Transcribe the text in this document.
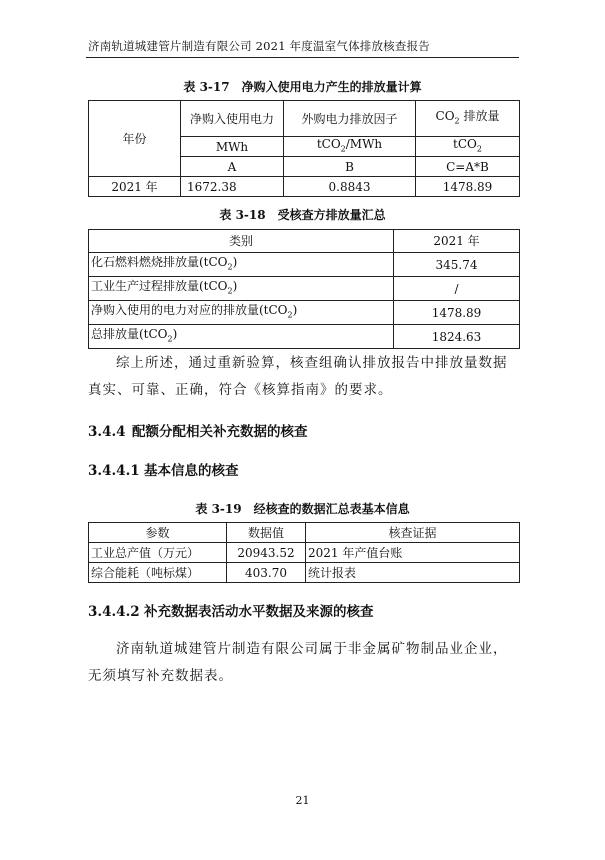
济南轨道城建管片制造有限公司 2021 年度温室气体排放核查报告
表 3-17　净购入使用电力产生的排放量计算
年份	净购入使用电力	外购电力排放因子	$CO_2$ 排放量
	MWh	tCO$_2$/MWh	tCO$_2$
	A	B	C=A*B
2021 年	1672.38	0.8843	1478.89
表 3-18　受核查方排放量汇总
类别	2021 年
化石燃料燃烧排放量(tCO$_2$)	345.74
工业生产过程排放量(tCO$_2$)	/
净购入使用的电力对应的排放量(tCO$_2$)	1478.89
总排放量(tCO$_2$)	1824.63
综上所述，通过重新验算，核查组确认排放报告中排放量数据真实、可靠、正确，符合《核算指南》的要求。
3.4.4 配额分配相关补充数据的核查
3.4.4.1 基本信息的核查
表 3-19　经核查的数据汇总表基本信息
参数	数据值	核查证据
工业总产值（万元）	20943.52	2021 年产值台账
综合能耗（吨标煤）	403.70	统计报表
3.4.4.2 补充数据表活动水平数据及来源的核查
济南轨道城建管片制造有限公司属于非金属矿物制品业企业，无须填写补充数据表。
21
